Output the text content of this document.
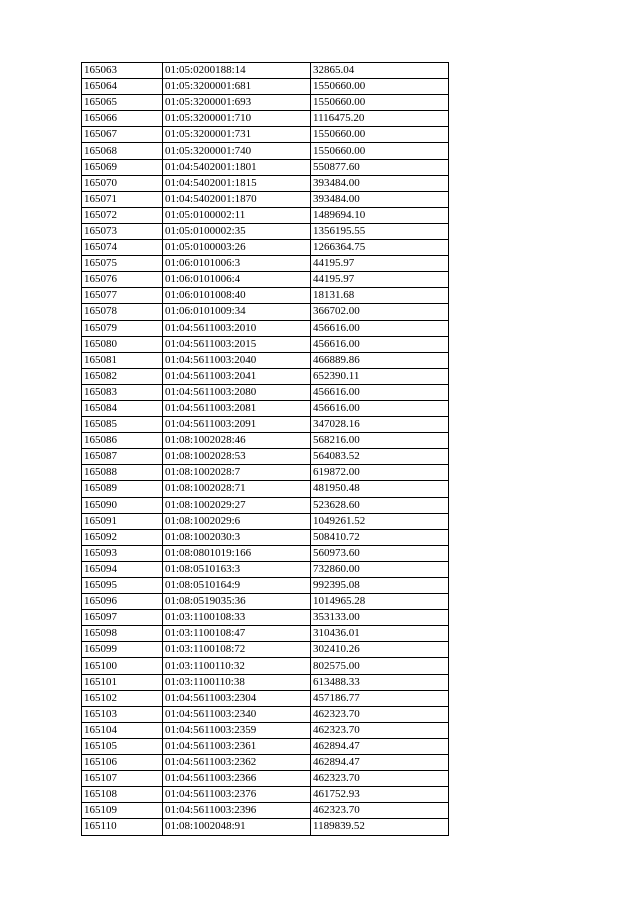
165063	01:05:0200188:14	32865.04
165064	01:05:3200001:681	1550660.00
165065	01:05:3200001:693	1550660.00
165066	01:05:3200001:710	1116475.20
165067	01:05:3200001:731	1550660.00
165068	01:05:3200001:740	1550660.00
165069	01:04:5402001:1801	550877.60
165070	01:04:5402001:1815	393484.00
165071	01:04:5402001:1870	393484.00
165072	01:05:0100002:11	1489694.10
165073	01:05:0100002:35	1356195.55
165074	01:05:0100003:26	1266364.75
165075	01:06:0101006:3	44195.97
165076	01:06:0101006:4	44195.97
165077	01:06:0101008:40	18131.68
165078	01:06:0101009:34	366702.00
165079	01:04:5611003:2010	456616.00
165080	01:04:5611003:2015	456616.00
165081	01:04:5611003:2040	466889.86
165082	01:04:5611003:2041	652390.11
165083	01:04:5611003:2080	456616.00
165084	01:04:5611003:2081	456616.00
165085	01:04:5611003:2091	347028.16
165086	01:08:1002028:46	568216.00
165087	01:08:1002028:53	564083.52
165088	01:08:1002028:7	619872.00
165089	01:08:1002028:71	481950.48
165090	01:08:1002029:27	523628.60
165091	01:08:1002029:6	1049261.52
165092	01:08:1002030:3	508410.72
165093	01:08:0801019:166	560973.60
165094	01:08:0510163:3	732860.00
165095	01:08:0510164:9	992395.08
165096	01:08:0519035:36	1014965.28
165097	01:03:1100108:33	353133.00
165098	01:03:1100108:47	310436.01
165099	01:03:1100108:72	302410.26
165100	01:03:1100110:32	802575.00
165101	01:03:1100110:38	613488.33
165102	01:04:5611003:2304	457186.77
165103	01:04:5611003:2340	462323.70
165104	01:04:5611003:2359	462323.70
165105	01:04:5611003:2361	462894.47
165106	01:04:5611003:2362	462894.47
165107	01:04:5611003:2366	462323.70
165108	01:04:5611003:2376	461752.93
165109	01:04:5611003:2396	462323.70
165110	01:08:1002048:91	1189839.52
